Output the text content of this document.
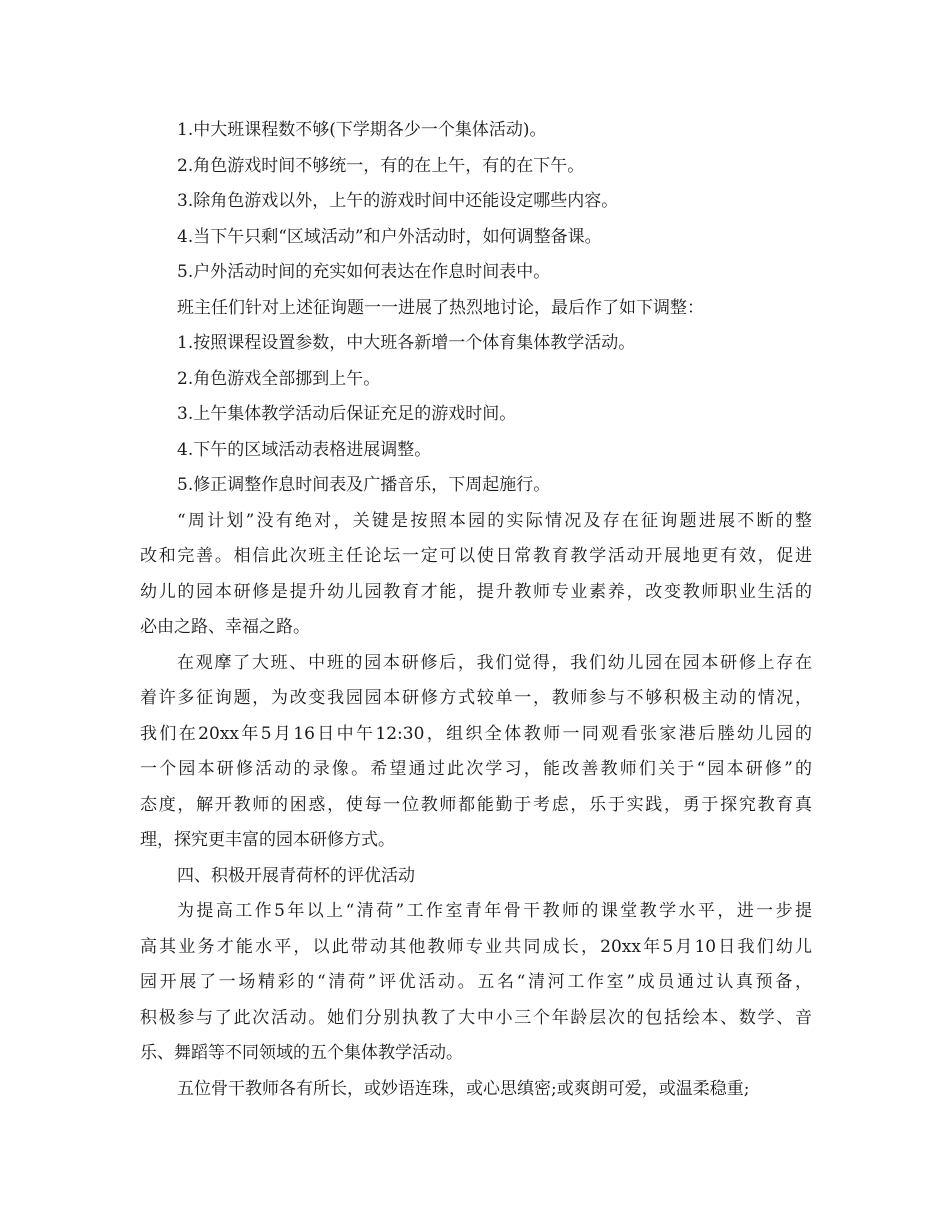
1.中大班课程数不够(下学期各少一个集体活动)。
2.角色游戏时间不够统一，有的在上午，有的在下午。
3.除角色游戏以外，上午的游戏时间中还能设定哪些内容。
4.当下午只剩“区域活动”和户外活动时，如何调整备课。
5.户外活动时间的充实如何表达在作息时间表中。
班主任们针对上述征询题一一进展了热烈地讨论，最后作了如下调整：
1.按照课程设置参数，中大班各新增一个体育集体教学活动。
2.角色游戏全部挪到上午。
3.上午集体教学活动后保证充足的游戏时间。
4.下午的区域活动表格进展调整。
5.修正调整作息时间表及广播音乐，下周起施行。
“周计划”没有绝对，关键是按照本园的实际情况及存在征询题进展不断的整
改和完善。相信此次班主任论坛一定可以使日常教育教学活动开展地更有效，促进
幼儿的园本研修是提升幼儿园教育才能，提升教师专业素养，改变教师职业生活的
必由之路、幸福之路。
在观摩了大班、中班的园本研修后，我们觉得，我们幼儿园在园本研修上存在
着许多征询题，为改变我园园本研修方式较单一，教师参与不够积极主动的情况，
我们在20xx年5月16日中午12:30，组织全体教师一同观看张家港后塍幼儿园的
一个园本研修活动的录像。希望通过此次学习，能改善教师们关于“园本研修”的
态度，解开教师的困惑，使每一位教师都能勤于考虑，乐于实践，勇于探究教育真
理，探究更丰富的园本研修方式。
四、积极开展青荷杯的评优活动
为提高工作5年以上“清荷”工作室青年骨干教师的课堂教学水平，进一步提
高其业务才能水平，以此带动其他教师专业共同成长，20xx年5月10日我们幼儿
园开展了一场精彩的“清荷”评优活动。五名“清河工作室”成员通过认真预备，
积极参与了此次活动。她们分别执教了大中小三个年龄层次的包括绘本、数学、音
乐、舞蹈等不同领域的五个集体教学活动。
五位骨干教师各有所长，或妙语连珠，或心思缜密;或爽朗可爱，或温柔稳重;
